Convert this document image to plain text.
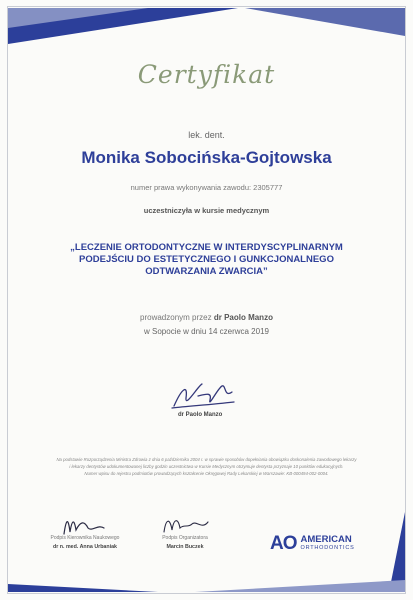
Certyfikat
lek. dent.
Monika Sobocińska-Gojtowska
numer prawa wykonywania zawodu: 2305777
uczestniczyła w kursie medycznym
„LECZENIE ORTODONTYCZNE W INTERDYSCYPLINARNYM
PODEJŚCIU DO ESTETYCZNEGO I GUNKCJONALNEGO
ODTWARZANIA ZWARCIA”
prowadzonym przez dr Paolo Manzo
w Sopocie w dniu 14 czerwca 2019
dr Paolo Manzo
Na podstawie Rozporządzenia Ministra Zdrowia z dnia 6 października 2004 r. w sprawie sposobów dopełniania obowiązku doskonalenia zawodowego lekarzy
i lekarzy dentystów udokumentowanej liczby godzin uczestnictwa w Kursie Medycznym otrzymuje dentysta przyznaje 10 punktów edukacyjnych.
Numer wpisu do rejestru podmiotów prowadzących kształcenie Okręgowej Rady Lekarskiej w Warszawie: KB-000494-002-0004.
Podpis Kierownika Naukowego
dr n. med. Anna Urbaniak
Podpis Organizatora
Marcin Buczek	AO AMERICAN
ORTHODONTICS
